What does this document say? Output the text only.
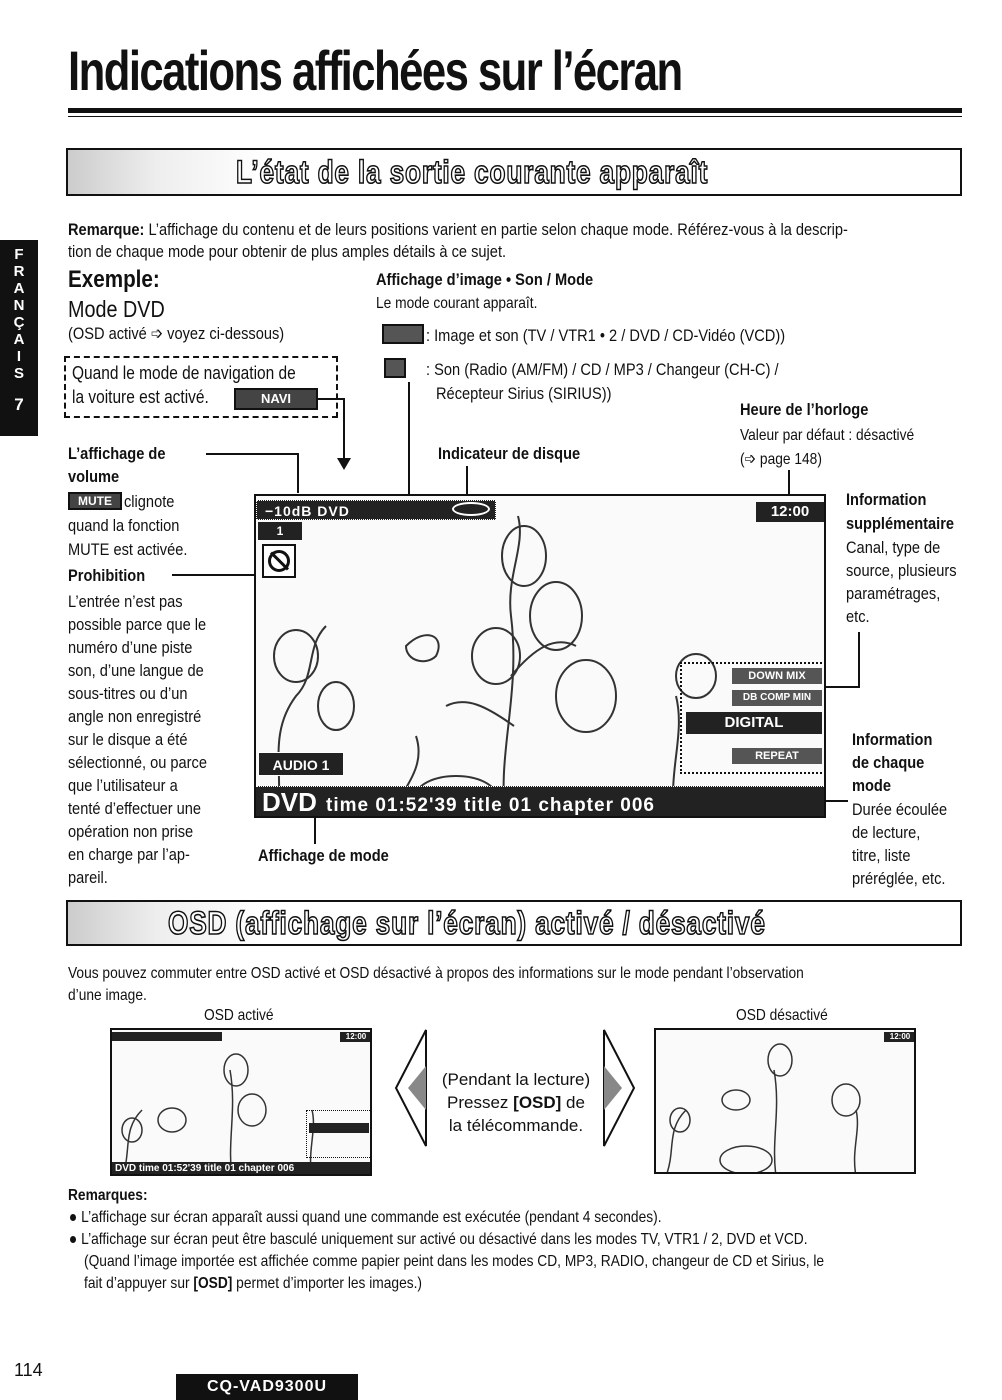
Indications affichées sur l’écran
F
R
A
N
Ç
A
I
S
7
L’état de la sortie courante apparaît
Remarque: L’affichage du contenu et de leurs positions varient en partie selon chaque mode. Référez-vous à la descrip-
tion de chaque mode pour obtenir de plus amples détails à ce sujet.
Exemple:
Mode DVD
(OSD activé ➩ voyez ci-dessous)
Quand le mode de navigation de
la voiture est activé.	NAVI
Affichage d’image • Son / Mode
Le mode courant apparaît.
: Image et son (TV / VTR1 • 2 / DVD / CD-Vidéo (VCD))
: Son (Radio (AM/FM) / CD / MP3 / Changeur (CH-C) /
Récepteur Sirius (SIRIUS))
Heure de l’horloge
Valeur par défaut : désactivé
(➩ page 148)
Indicateur de disque
L’affichage de
volume
MUTE clignote
quand la fonction
MUTE est activée.
Prohibition
L’entrée n’est pas
possible parce que le
numéro d’une piste
son, d’une langue de
sous-titres ou d’un
angle non enregistré
sur le disque a été
sélectionné, ou parce
que l’utilisateur a
tenté d’effectuer une
opération non prise
en charge par l’ap-
pareil.
−10dB DVD	12:00
1
DOWN MIX
DB COMP MIN
DIGITAL
REPEAT
AUDIO 1
DVD time 01:52'39 title 01 chapter 006
Information
supplémentaire
Canal, type de
source, plusieurs
paramétrages,
etc.
Information
de chaque
mode
Durée écoulée
de lecture,
titre, liste
préréglée, etc.
Affichage de mode
OSD (affichage sur l’écran) activé / désactivé
Vous pouvez commuter entre OSD activé et OSD désactivé à propos des informations sur le mode pendant l’observation
d’une image.
OSD activé	OSD désactivé
12:00
DVD time 01:52'39 title 01 chapter 006
(Pendant la lecture)
Pressez [OSD] de
la télécommande.
12:00
Remarques:
L’affichage sur écran apparaît aussi quand une commande est exécutée (pendant 4 secondes).
L’affichage sur écran peut être basculé uniquement sur activé ou désactivé dans les modes TV, VTR1 / 2, DVD et VCD.
(Quand l’image importée est affichée comme papier peint dans les modes CD, MP3, RADIO, changeur de CD et Sirius, le
fait d’appuyer sur [OSD] permet d’importer les images.)
114
CQ-VAD9300U
